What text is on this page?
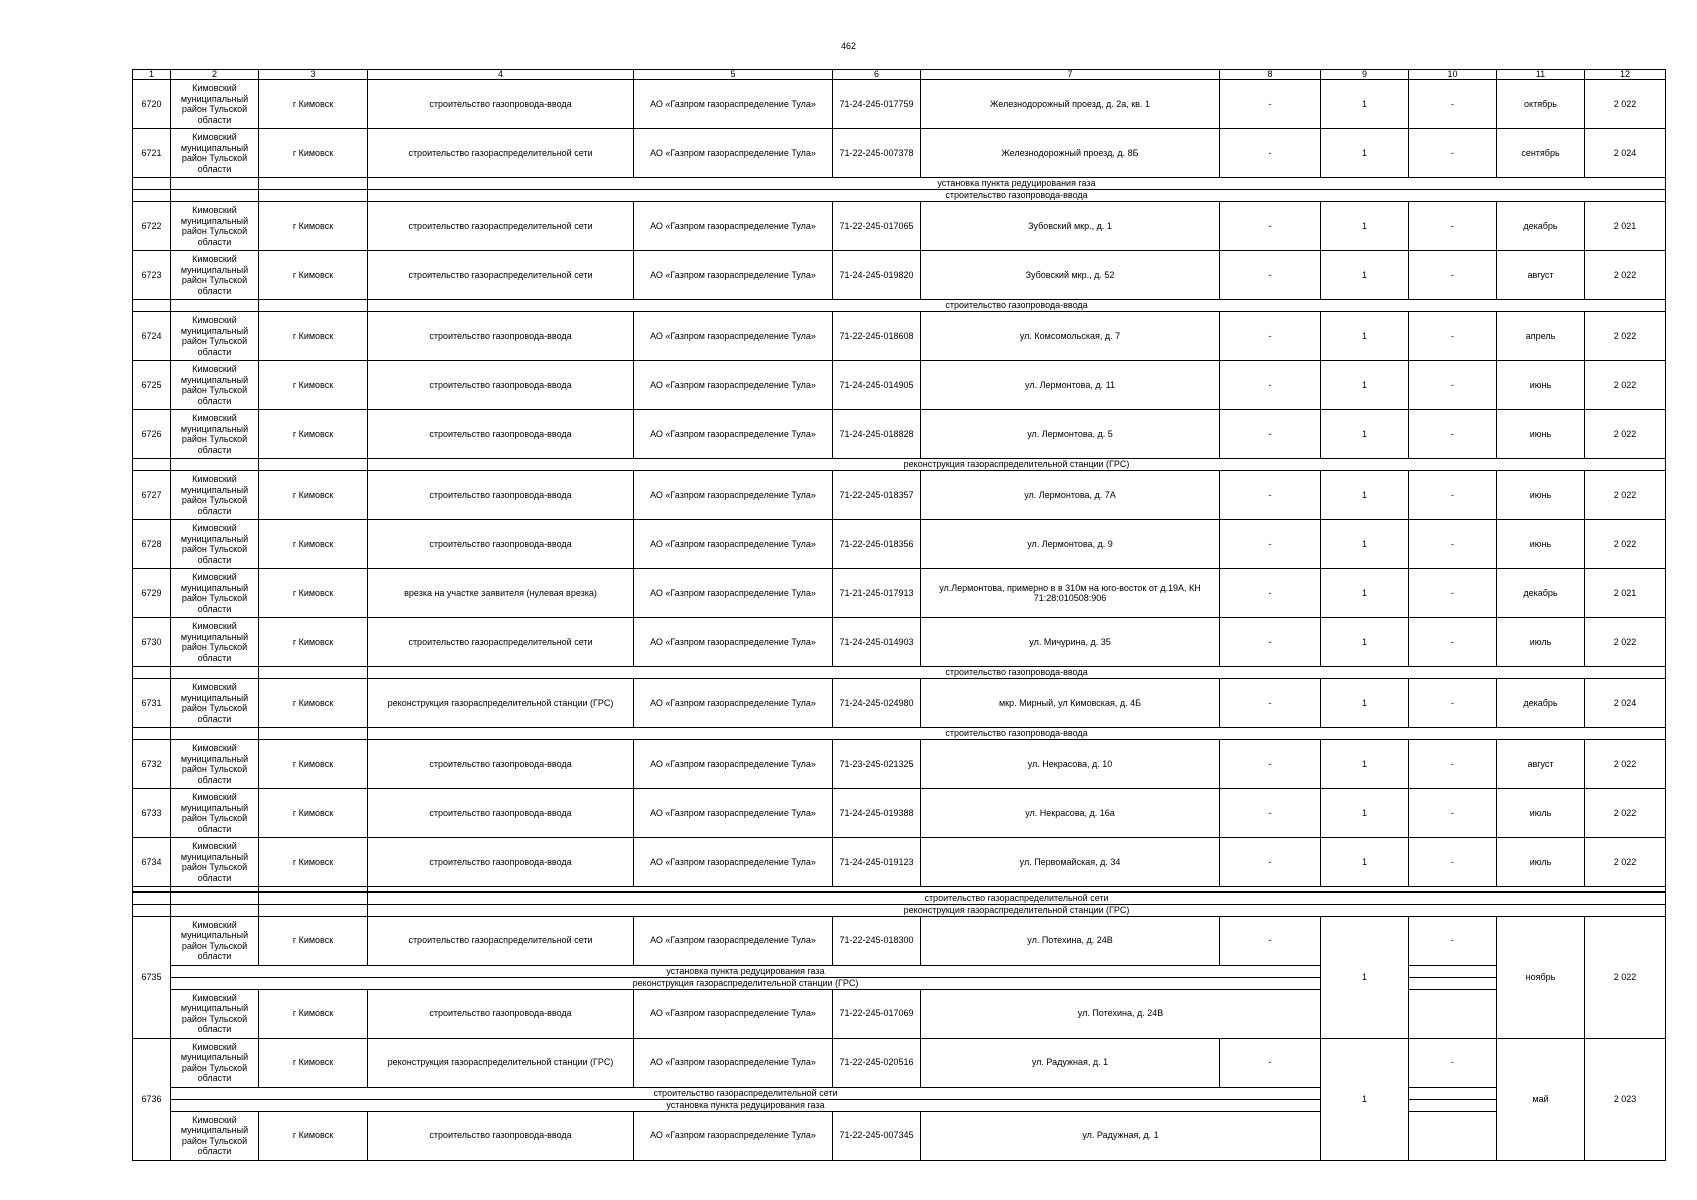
462
1	2	3	4	5	6	7	8	9	10	11	12
6720	Кимовский муниципальный район Тульской области	г Кимовск	строительство газопровода-ввода	АО «Газпром газораспределение Тула»	71-24-245-017759	Железнодорожный проезд, д. 2а, кв. 1	-	1	-	октябрь	2 022
6721	Кимовский муниципальный район Тульской области	г Кимовск	строительство газораспределительной сети	АО «Газпром газораспределение Тула»	71-22-245-007378	Железнодорожный проезд, д. 8Б	-	1	-	сентябрь	2 024
			установка пункта редуцирования газа								
			строительство газопровода-ввода								
6722	Кимовский муниципальный район Тульской области	г Кимовск	строительство газораспределительной сети	АО «Газпром газораспределение Тула»	71-22-245-017065	Зубовский мкр., д. 1	-	1	-	декабрь	2 021
6723	Кимовский муниципальный район Тульской области	г Кимовск	строительство газораспределительной сети	АО «Газпром газораспределение Тула»	71-24-245-019820	Зубовский мкр., д. 52	-	1	-	август	2 022
			строительство газопровода-ввода								
6724	Кимовский муниципальный район Тульской области	г Кимовск	строительство газопровода-ввода	АО «Газпром газораспределение Тула»	71-22-245-018608	ул. Комсомольская, д. 7	-	1	-	апрель	2 022
6725	Кимовский муниципальный район Тульской области	г Кимовск	строительство газопровода-ввода	АО «Газпром газораспределение Тула»	71-24-245-014905	ул. Лермонтова, д. 11	-	1	-	июнь	2 022
6726	Кимовский муниципальный район Тульской области	г Кимовск	строительство газопровода-ввода	АО «Газпром газораспределение Тула»	71-24-245-018828	ул. Лермонтова, д. 5	-	1	-	июнь	2 022
			реконструкция газораспределительной станции (ГРС)								
6727	Кимовский муниципальный район Тульской области	г Кимовск	строительство газопровода-ввода	АО «Газпром газораспределение Тула»	71-22-245-018357	ул. Лермонтова, д. 7А	-	1	-	июнь	2 022
6728	Кимовский муниципальный район Тульской области	г Кимовск	строительство газопровода-ввода	АО «Газпром газораспределение Тула»	71-22-245-018356	ул. Лермонтова, д. 9	-	1	-	июнь	2 022
6729	Кимовский муниципальный район Тульской области	г Кимовск	врезка на участке заявителя (нулевая врезка)	АО «Газпром газораспределение Тула»	71-21-245-017913	ул.Лермонтова, примерно в в 310м на юго-восток от д.19А, КН 71:28:010508:906	-	1	-	декабрь	2 021
6730	Кимовский муниципальный район Тульской области	г Кимовск	строительство газораспределительной сети	АО «Газпром газораспределение Тула»	71-24-245-014903	ул. Мичурина, д. 35	-	1	-	июль	2 022
			строительство газопровода-ввода								
6731	Кимовский муниципальный район Тульской области	г Кимовск	реконструкция газораспределительной станции (ГРС)	АО «Газпром газораспределение Тула»	71-24-245-024980	мкр. Мирный, ул Кимовская, д. 4Б	-	1	-	декабрь	2 024
			строительство газопровода-ввода								
6732	Кимовский муниципальный район Тульской области	г Кимовск	строительство газопровода-ввода	АО «Газпром газораспределение Тула»	71-23-245-021325	ул. Некрасова, д. 10	-	1	-	август	2 022
6733	Кимовский муниципальный район Тульской области	г Кимовск	строительство газопровода-ввода	АО «Газпром газораспределение Тула»	71-24-245-019388	ул. Некрасова, д. 16а	-	1	-	июль	2 022
6734	Кимовский муниципальный район Тульской области	г Кимовск	строительство газопровода-ввода	АО «Газпром газораспределение Тула»	71-24-245-019123	ул. Первомайская, д. 34	-	1	-	июль	2 022

			строительство газораспределительной сети								
			реконструкция газораспределительной станции (ГРС)								
6735	Кимовский муниципальный район Тульской области	г Кимовск	строительство газораспределительной сети	АО «Газпром газораспределение Тула»	71-22-245-018300	ул. Потехина, д. 24В	-	1	-	ноябрь	2 022
	установка пункта редуцирования газа										
	реконструкция газораспределительной станции (ГРС)										
	Кимовский муниципальный район Тульской области	г Кимовск	строительство газопровода-ввода	АО «Газпром газораспределение Тула»	71-22-245-017069	ул. Потехина, д. 24В					
6736	Кимовский муниципальный район Тульской области	г Кимовск	реконструкция газораспределительной станции (ГРС)	АО «Газпром газораспределение Тула»	71-22-245-020516	ул. Радужная, д. 1	-	1	-	май	2 023
	строительство газораспределительной сети										
	установка пункта редуцирования газа										
	Кимовский муниципальный район Тульской области	г Кимовск	строительство газопровода-ввода	АО «Газпром газораспределение Тула»	71-22-245-007345	ул. Радужная, д. 1					
